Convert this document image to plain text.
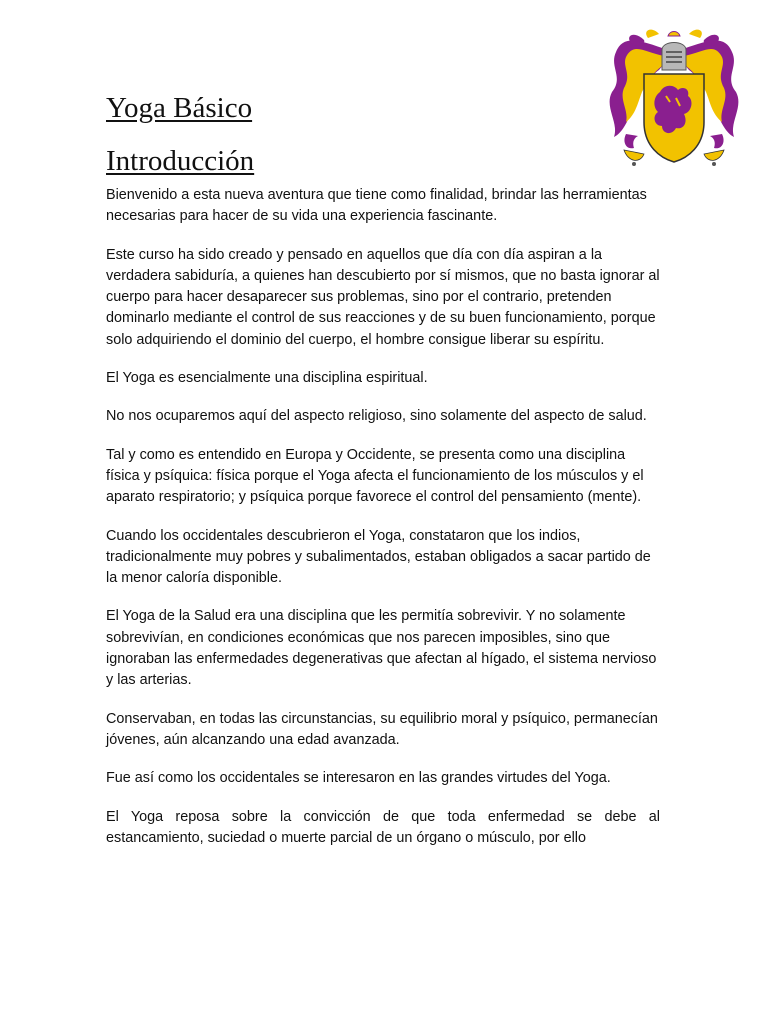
Yoga Básico
Introducción

Bienvenido a esta nueva aventura que tiene como finalidad, brindar las herramientas necesarias para hacer de su vida una experiencia fascinante.

Este curso ha sido creado y pensado en aquellos que día con día aspiran a la verdadera sabiduría, a quienes han descubierto por sí mismos, que no basta ignorar al cuerpo para hacer desaparecer sus problemas, sino por el contrario, pretenden dominarlo mediante el control de sus reacciones y de su buen funcionamiento, porque solo adquiriendo el dominio del cuerpo, el hombre consigue liberar su espíritu.

El Yoga es esencialmente una disciplina espiritual.

No nos ocuparemos aquí del aspecto religioso, sino solamente del aspecto de salud.

Tal y como es entendido en Europa y Occidente, se presenta como una disciplina física y psíquica: física porque el Yoga afecta el funcionamiento de los músculos y el aparato respiratorio; y psíquica porque favorece el control del pensamiento (mente).

Cuando los occidentales descubrieron el Yoga, constataron que los indios, tradicionalmente muy pobres y subalimentados, estaban obligados a sacar partido de la menor caloría disponible.

El Yoga de la Salud era una disciplina que les permitía sobrevivir. Y no solamente sobrevivían, en condiciones económicas que nos parecen imposibles, sino que ignoraban las enfermedades degenerativas que afectan al hígado, el sistema nervioso y las arterias.

Conservaban, en todas las circunstancias, su equilibrio moral y psíquico, permanecían jóvenes, aún alcanzando una edad avanzada.

Fue así como los occidentales se interesaron en las grandes virtudes del Yoga.

El Yoga reposa sobre la convicción de que toda enfermedad se debe al estancamiento, suciedad o muerte parcial de un órgano o músculo, por ello
